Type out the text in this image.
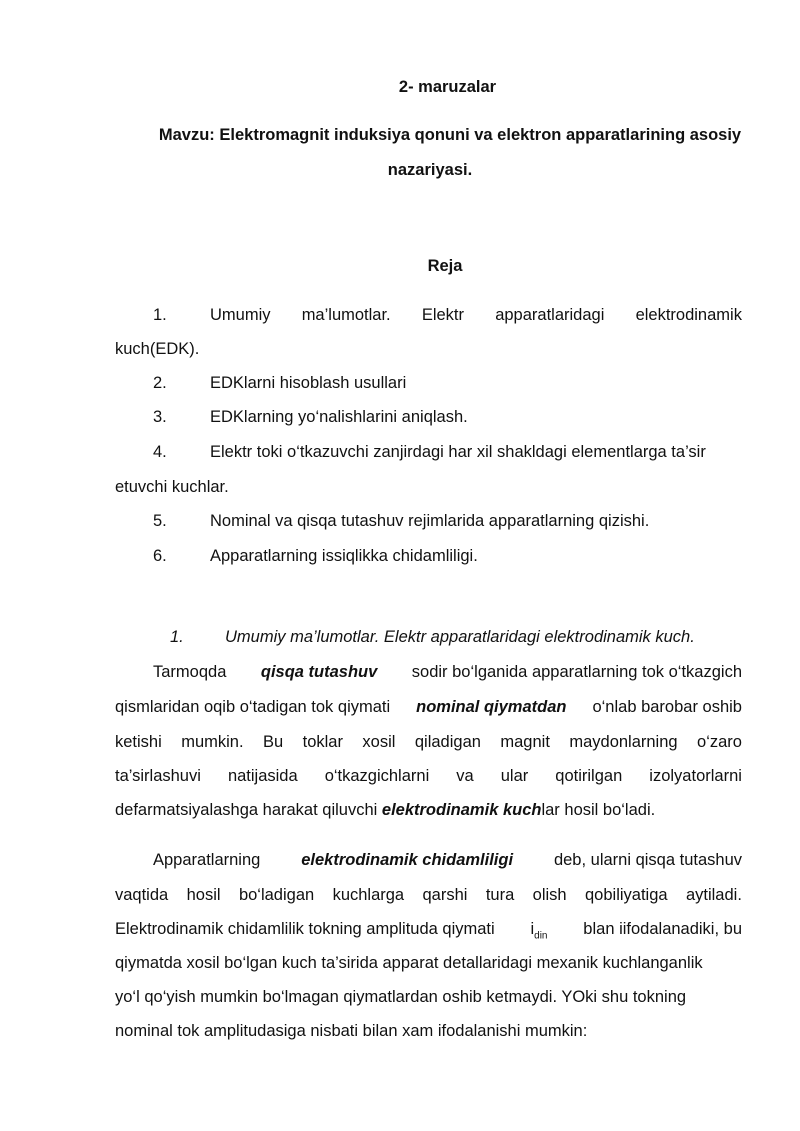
2- maruzalar
Mavzu: Elektromagnit induksiya qonuni va elektron apparatlarining asosiy
nazariyasi.
Reja
1.	Umumiy ma’lumotlar. Elektr apparatlaridagi elektrodinamik
kuch(EDK).
2.	EDKlarni hisoblash usullari
3.	EDKlarning yo‘nalishlarini aniqlash.
4.	Elektr toki o‘tkazuvchi zanjirdagi har xil shakldagi elementlarga ta’sir
etuvchi kuchlar.
5.	Nominal va qisqa tutashuv rejimlarida apparatlarning qizishi.
6.	Apparatlarning issiqlikka chidamliligi.
1. Umumiy ma’lumotlar. Elektr apparatlaridagi elektrodinamik kuch.
Tarmoqda qisqa tutashuv sodir bo‘lganida apparatlarning tok o‘tkazgich
qismlaridan oqib o‘tadigan tok qiymati nominal qiymatdan o‘nlab barobar oshib
ketishi mumkin. Bu toklar xosil qiladigan magnit maydonlarning o‘zaro
ta’sirlashuvi natijasida o‘tkazgichlarni va ular qotirilgan izolyatorlarni
defarmatsiyalashga harakat qiluvchi elektrodinamik kuchlar hosil bo‘ladi.
Apparatlarning elektrodinamik chidamliligi deb, ularni qisqa tutashuv
vaqtida hosil bo‘ladigan kuchlarga qarshi tura olish qobiliyatiga aytiladi.
Elektrodinamik chidamlilik tokning amplituda qiymati $i_{din}$ blan iifodalanadiki, bu
qiymatda xosil bo‘lgan kuch ta’sirida apparat detallaridagi mexanik kuchlanganlik
yo‘l qo‘yish mumkin bo‘lmagan qiymatlardan oshib ketmaydi. YOki shu tokning
nominal tok amplitudasiga nisbati bilan xam ifodalanishi mumkin:
